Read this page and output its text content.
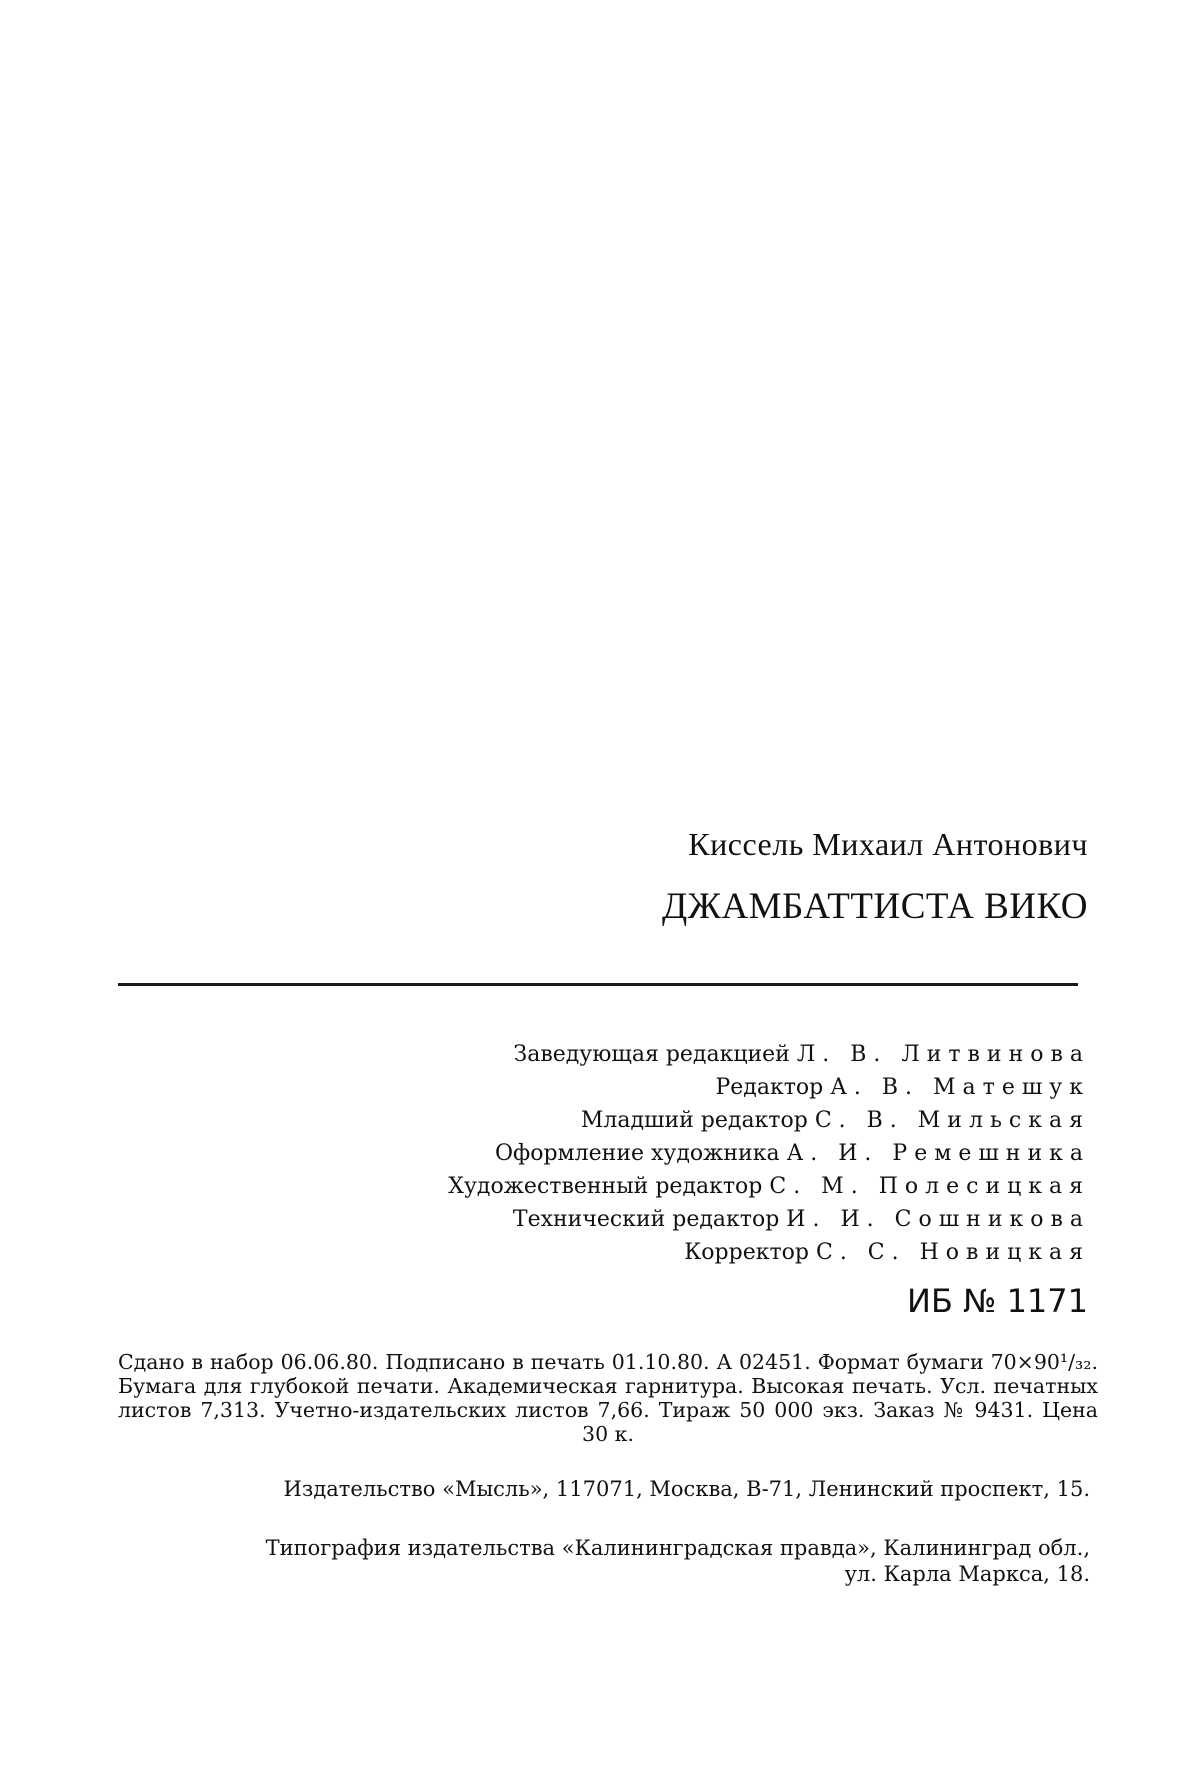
Киссель Михаил Антонович
ДЖАМБАТТИСТА ВИКО
Заведующая редакцией Л. В. Литвинова
Редактор А. В. Матешук
Младший редактор С. В. Мильская
Оформление художника А. И. Ремешника
Художественный редактор С. М. Полесицкая
Технический редактор И. И. Сошникова
Корректор С. С. Новицкая
ИБ № 1171
Сдано в набор 06.06.80. Подписано в печать 01.10.80. А 02451. Формат бумаги 70×90¹/₃₂. Бумага для глубокой печати. Академическая гарнитура. Высокая печать. Усл. печатных листов 7,313. Учетно-издательских листов 7,66. Тираж 50 000 экз. Заказ № 9431. Цена 30 к.
Издательство «Мысль», 117071, Москва, В-71, Ленинский проспект, 15.
Типография издательства «Калининградская правда», Калининград обл.,
ул. Карла Маркса, 18.
